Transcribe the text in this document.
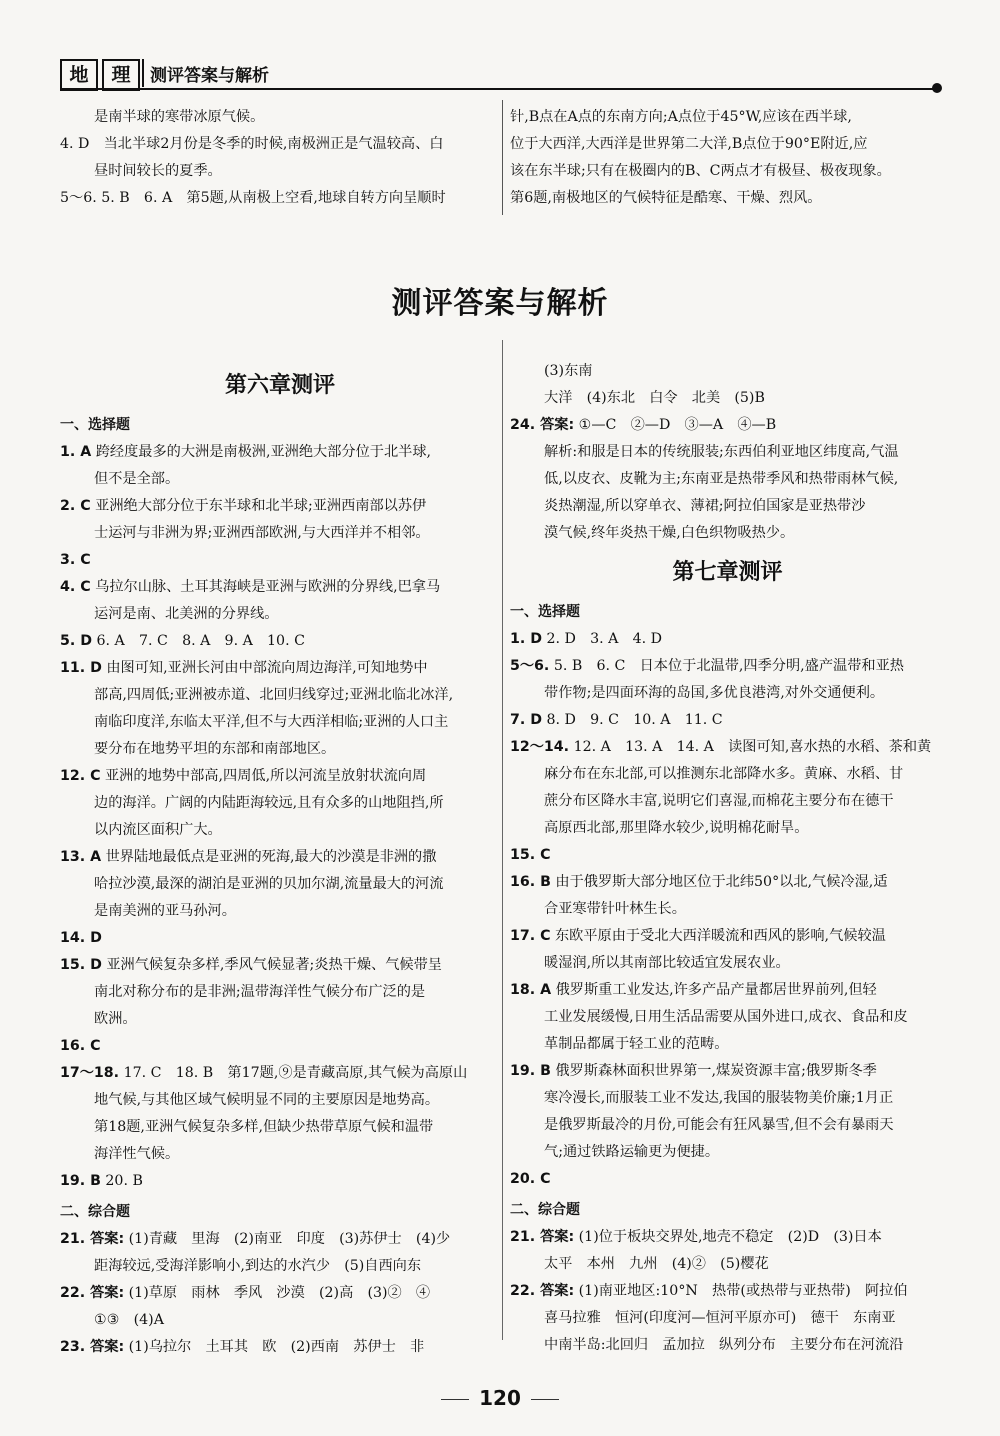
地	理	测评答案与解析

是南半球的寒带冰原气候。

4. D　当北半球2月份是冬季的时候,南极洲正是气温较高、白

昼时间较长的夏季。

5～6. 5. B　6. A　第5题,从南极上空看,地球自转方向呈顺时

针,B点在A点的东南方向;A点位于45°W,应该在西半球,

位于大西洋,大西洋是世界第二大洋,B点位于90°E附近,应

该在东半球;只有在极圈内的B、C两点才有极昼、极夜现象。

第6题,南极地区的气候特征是酷寒、干燥、烈风。

测评答案与解析
第六章测评

一、选择题

1. A 跨经度最多的大洲是南极洲,亚洲绝大部分位于北半球,

但不是全部。

2. C 亚洲绝大部分位于东半球和北半球;亚洲西南部以苏伊

士运河与非洲为界;亚洲西部欧洲,与大西洋并不相邻。

3. C

4. C 乌拉尔山脉、土耳其海峡是亚洲与欧洲的分界线,巴拿马

运河是南、北美洲的分界线。

5. D 6. A　7. C　8. A　9. A　10. C

11. D 由图可知,亚洲长河由中部流向周边海洋,可知地势中

部高,四周低;亚洲被赤道、北回归线穿过;亚洲北临北冰洋,

南临印度洋,东临太平洋,但不与大西洋相临;亚洲的人口主

要分布在地势平坦的东部和南部地区。

12. C 亚洲的地势中部高,四周低,所以河流呈放射状流向周

边的海洋。广阔的内陆距海较远,且有众多的山地阻挡,所

以内流区面积广大。

13. A 世界陆地最低点是亚洲的死海,最大的沙漠是非洲的撒

哈拉沙漠,最深的湖泊是亚洲的贝加尔湖,流量最大的河流

是南美洲的亚马孙河。

14. D

15. D 亚洲气候复杂多样,季风气候显著;炎热干燥、气候带呈

南北对称分布的是非洲;温带海洋性气候分布广泛的是

欧洲。

16. C

17～18. 17. C　18. B　第17题,⑨是青藏高原,其气候为高原山

地气候,与其他区域气候明显不同的主要原因是地势高。

第18题,亚洲气候复杂多样,但缺少热带草原气候和温带

海洋性气候。

19. B 20. B

二、综合题

21. 答案: (1)青藏　里海　(2)南亚　印度　(3)苏伊士　(4)少

距海较远,受海洋影响小,到达的水汽少　(5)自西向东

22. 答案: (1)草原　雨林　季风　沙漠　(2)高　(3)②　④

①③　(4)A

23. 答案: (1)乌拉尔　土耳其　欧　(2)西南　苏伊士　非

(3)东南

大洋　(4)东北　白令　北美　(5)B

24. 答案: ①—C　②—D　③—A　④—B

解析:和服是日本的传统服装;东西伯利亚地区纬度高,气温

低,以皮衣、皮靴为主;东南亚是热带季风和热带雨林气候,

炎热潮湿,所以穿单衣、薄裙;阿拉伯国家是亚热带沙

漠气候,终年炎热干燥,白色织物吸热少。

第七章测评

一、选择题

1. D 2. D　3. A　4. D

5～6. 5. B　6. C　日本位于北温带,四季分明,盛产温带和亚热

带作物;是四面环海的岛国,多优良港湾,对外交通便利。

7. D 8. D　9. C　10. A　11. C

12～14. 12. A　13. A　14. A　读图可知,喜水热的水稻、茶和黄

麻分布在东北部,可以推测东北部降水多。黄麻、水稻、甘

蔗分布区降水丰富,说明它们喜湿,而棉花主要分布在德干

高原西北部,那里降水较少,说明棉花耐旱。

15. C

16. B 由于俄罗斯大部分地区位于北纬50°以北,气候冷湿,适

合亚寒带针叶林生长。

17. C 东欧平原由于受北大西洋暖流和西风的影响,气候较温

暖湿润,所以其南部比较适宜发展农业。

18. A 俄罗斯重工业发达,许多产品产量都居世界前列,但轻

工业发展缓慢,日用生活品需要从国外进口,成衣、食品和皮

革制品都属于轻工业的范畴。

19. B 俄罗斯森林面积世界第一,煤炭资源丰富;俄罗斯冬季

寒冷漫长,而服装工业不发达,我国的服装物美价廉;1月正

是俄罗斯最冷的月份,可能会有狂风暴雪,但不会有暴雨天

气;通过铁路运输更为便捷。

20. C

二、综合题

21. 答案: (1)位于板块交界处,地壳不稳定　(2)D　(3)日本

太平　本州　九州　(4)②　(5)樱花

22. 答案: (1)南亚地区:10°N　热带(或热带与亚热带)　阿拉伯

喜马拉雅　恒河(印度河—恒河平原亦可)　德干　东南亚

中南半岛:北回归　孟加拉　纵列分布　主要分布在河流沿

120
